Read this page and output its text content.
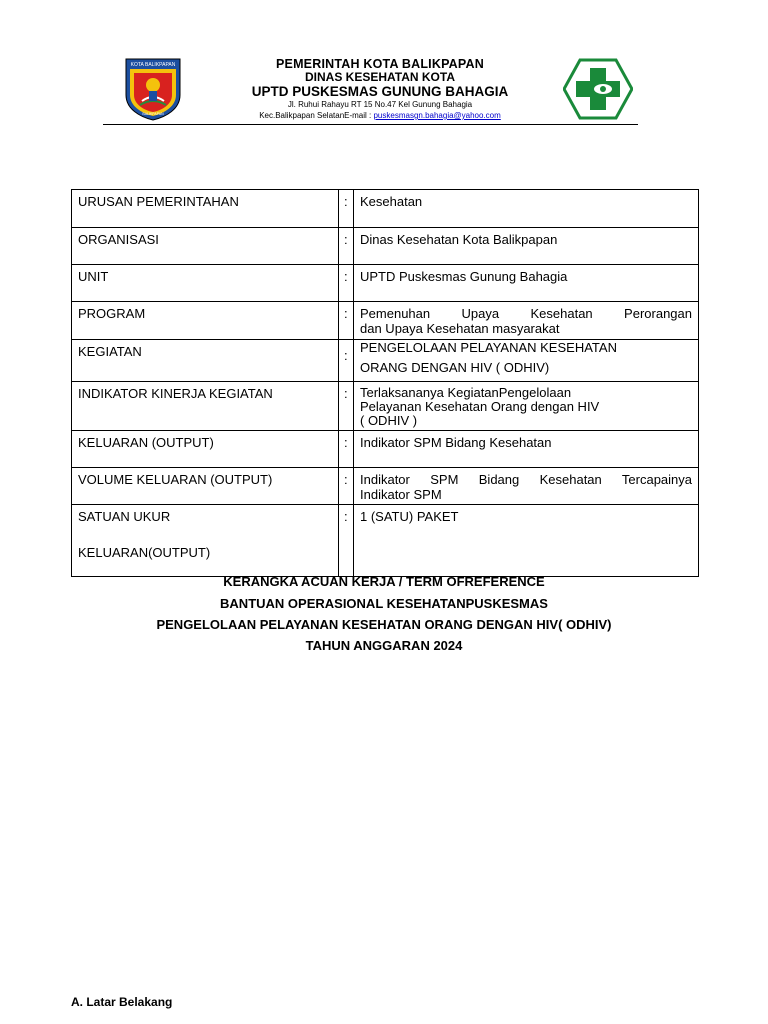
KOTA BALIKPAPAN
BALIKPAPAN
PEMERINTAH KOTA BALIKPAPAN
DINAS KESEHATAN KOTA
UPTD PUSKESMAS GUNUNG BAHAGIA
Jl. Ruhui Rahayu RT 15 No.47 Kel Gunung Bahagia
Kec.Balikpapan SelatanE-mail : puskesmasgn.bahagia@yahoo.com
URUSAN PEMERINTAHAN	:	Kesehatan
ORGANISASI	:	Dinas Kesehatan Kota Balikpapan
UNIT	:	UPTD Puskesmas Gunung Bahagia
PROGRAM	:	Pemenuhan Upaya Kesehatan Perorangan
dan Upaya Kesehatan masyarakat

KEGIATAN	:	PENGELOLAAN PELAYANAN KESEHATAN
ORANG DENGAN HIV ( ODHIV)

INDIKATOR KINERJA KEGIATAN	:	Terlaksananya KegiatanPengelolaan
Pelayanan Kesehatan Orang dengan HIV
( ODHIV )

KELUARAN (OUTPUT)	:	Indikator SPM Bidang Kesehatan
VOLUME KELUARAN (OUTPUT)	:	Indikator SPM Bidang Kesehatan Tercapainya
Indikator SPM

SATUAN UKUR
KELUARAN(OUTPUT)	:	1 (SATU) PAKET
KERANGKA ACUAN KERJA / TERM OFREFERENCE
BANTUAN OPERASIONAL KESEHATANPUSKESMAS
PENGELOLAAN PELAYANAN KESEHATAN ORANG DENGAN HIV( ODHIV)
TAHUN ANGGARAN 2024
A. Latar Belakang
